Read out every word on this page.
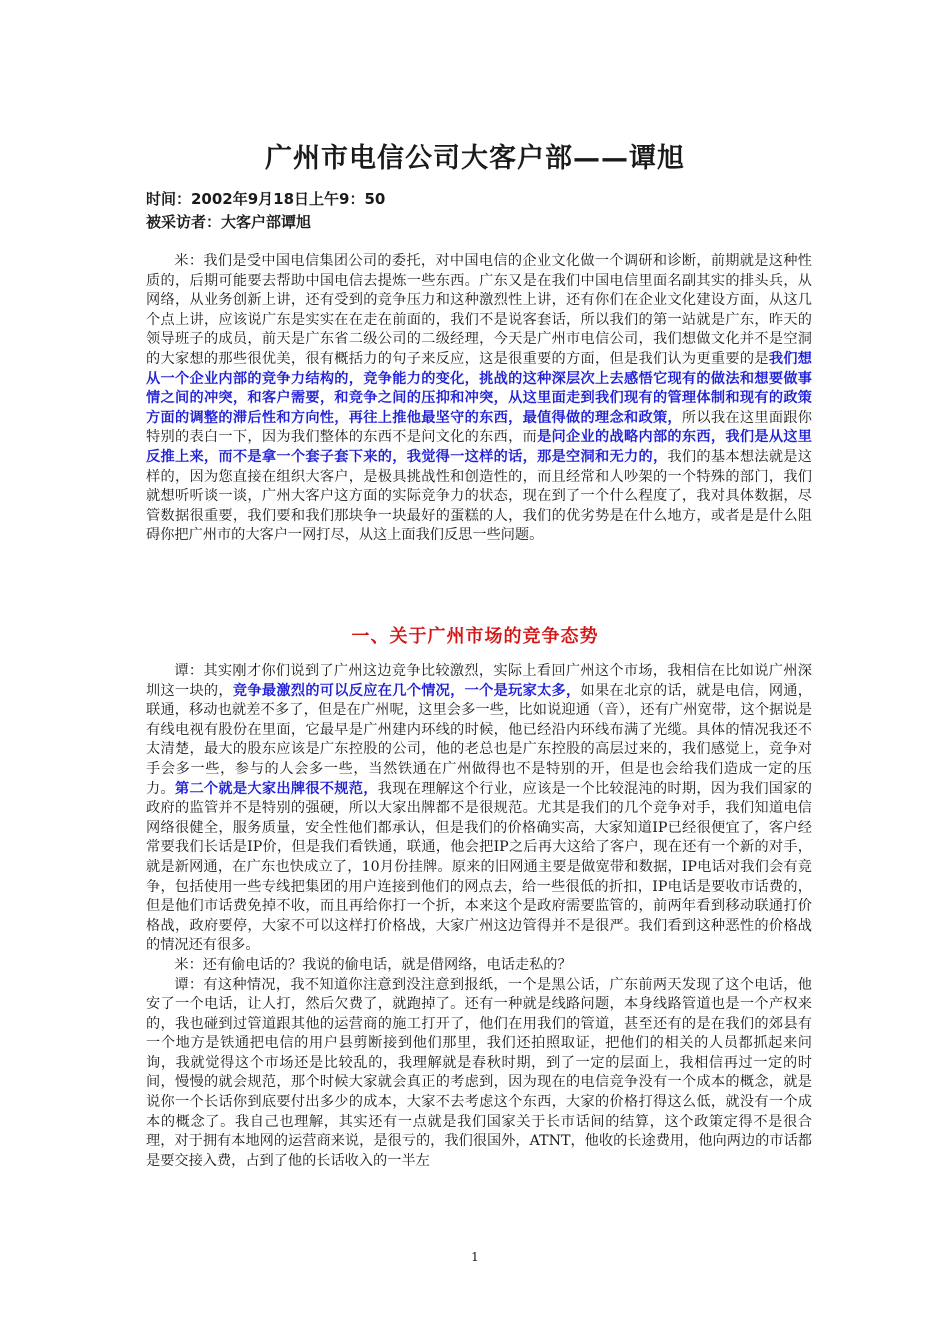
广州市电信公司大客户部——谭旭
时间：2002年9月18日上午9：50
被采访者：大客户部谭旭

米：我们是受中国电信集团公司的委托，对中国电信的企业文化做一个调研和诊断，前期就是这种性质的，后期可能要去帮助中国电信去提炼一些东西。广东又是在我们中国电信里面名副其实的排头兵，从网络，从业务创新上讲，还有受到的竞争压力和这种激烈性上讲，还有你们在企业文化建设方面，从这几个点上讲，应该说广东是实实在在走在前面的，我们不是说客套话，所以我们的第一站就是广东，昨天的领导班子的成员，前天是广东省二级公司的二级经理，今天是广州市电信公司，我们想做文化并不是空洞的大家想的那些很优美，很有概括力的句子来反应，这是很重要的方面，但是我们认为更重要的是我们想从一个企业内部的竞争力结构的，竞争能力的变化，挑战的这种深层次上去感悟它现有的做法和想要做事情之间的冲突，和客户需要，和竞争之间的压抑和冲突，从这里面走到我们现有的管理体制和现有的政策方面的调整的滞后性和方向性，再往上推他最坚守的东西，最值得做的理念和政策，所以我在这里面跟你特别的表白一下，因为我们整体的东西不是问文化的东西，而是问企业的战略内部的东西，我们是从这里反推上来，而不是拿一个套子套下来的，我觉得一这样的话，那是空洞和无力的，我们的基本想法就是这样的，因为您直接在组织大客户，是极具挑战性和创造性的，而且经常和人吵架的一个特殊的部门，我们就想听听谈一谈，广州大客户这方面的实际竞争力的状态，现在到了一个什么程度了，我对具体数据，尽管数据很重要，我们要和我们那块争一块最好的蛋糕的人，我们的优劣势是在什么地方，或者是是什么阻碍你把广州市的大客户一网打尽，从这上面我们反思一些问题。

一、关于广州市场的竞争态势

谭：其实刚才你们说到了广州这边竞争比较激烈，实际上看回广州这个市场，我相信在比如说广州深圳这一块的，竞争最激烈的可以反应在几个情况，一个是玩家太多，如果在北京的话，就是电信，网通，联通，移动也就差不多了，但是在广州呢，这里会多一些，比如说迎通（音），还有广州宽带，这个据说是有线电视有股份在里面，它最早是广州建内环线的时候，他已经沿内环线布满了光缆。具体的情况我还不太清楚，最大的股东应该是广东控股的公司，他的老总也是广东控股的高层过来的，我们感觉上，竞争对手会多一些，参与的人会多一些，当然铁通在广州做得也不是特别的开，但是也会给我们造成一定的压力。第二个就是大家出牌很不规范，我现在理解这个行业，应该是一个比较混沌的时期，因为我们国家的政府的监管并不是特别的强硬，所以大家出牌都不是很规范。尤其是我们的几个竞争对手，我们知道电信网络很健全，服务质量，安全性他们都承认，但是我们的价格确实高，大家知道IP已经很便宜了，客户经常要我们长话是IP价，但是我们看铁通，联通，他会把IP之后再大这给了客户，现在还有一个新的对手，就是新网通，在广东也快成立了，10月份挂牌。原来的旧网通主要是做宽带和数据，IP电话对我们会有竞争，包括使用一些专线把集团的用户连接到他们的网点去，给一些很低的折扣，IP电话是要收市话费的，但是他们市话费免掉不收，而且再给你打一个折，本来这个是政府需要监管的，前两年看到移动联通打价格战，政府要停，大家不可以这样打价格战，大家广州这边管得并不是很严。我们看到这种恶性的价格战的情况还有很多。

米：还有偷电话的？我说的偷电话，就是借网络，电话走私的？

谭：有这种情况，我不知道你注意到没注意到报纸，一个是黑公话，广东前两天发现了这个电话，他安了一个电话，让人打，然后欠费了，就跑掉了。还有一种就是线路问题，本身线路管道也是一个产权来的，我也碰到过管道跟其他的运营商的施工打开了，他们在用我们的管道，甚至还有的是在我们的郊县有一个地方是铁通把电信的用户县剪断接到他们那里，我们还拍照取证，把他们的相关的人员都抓起来问询，我就觉得这个市场还是比较乱的，我理解就是春秋时期，到了一定的层面上，我相信再过一定的时间，慢慢的就会规范，那个时候大家就会真正的考虑到，因为现在的电信竞争没有一个成本的概念，就是说你一个长话你到底要付出多少的成本，大家不去考虑这个东西，大家的价格打得这么低，就没有一个成本的概念了。我自己也理解，其实还有一点就是我们国家关于长市话间的结算，这个政策定得不是很合理，对于拥有本地网的运营商来说，是很亏的，我们很国外，ATNT，他收的长途费用，他向两边的市话都是要交接入费，占到了他的长话收入的一半左

1
